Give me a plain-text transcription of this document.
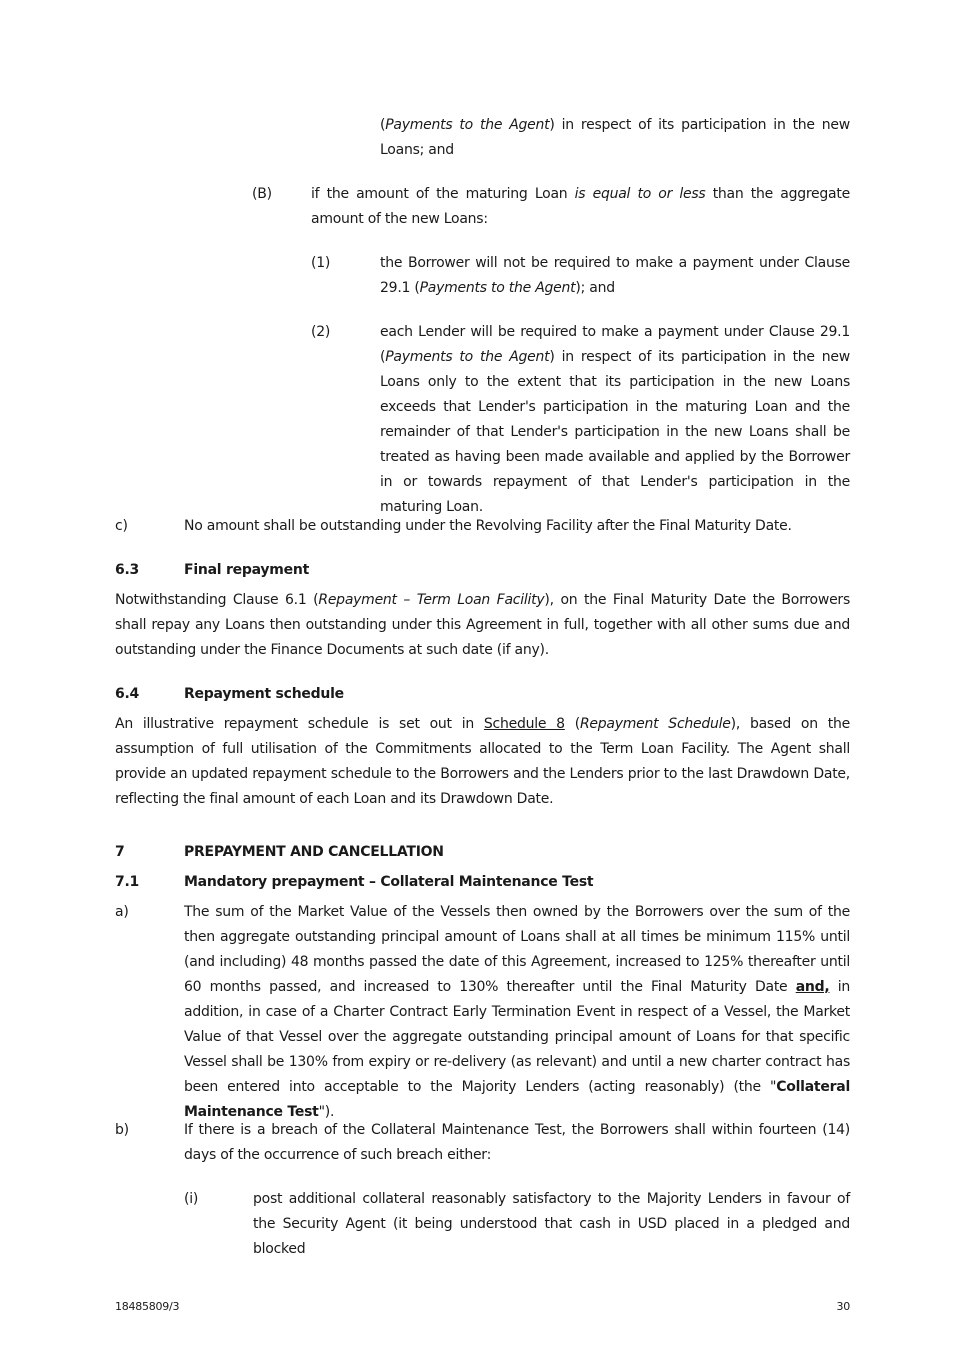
(Payments to the Agent) in respect of its participation in the new Loans; and

(B)	if the amount of the maturing Loan is equal to or less than the aggregate amount of the new Loans:

(1)	the Borrower will not be required to make a payment under Clause 29.1 (Payments to the Agent); and

(2)	each Lender will be required to make a payment under Clause 29.1 (Payments to the Agent) in respect of its participation in the new Loans only to the extent that its participation in the new Loans exceeds that Lender's participation in the maturing Loan and the remainder of that Lender's participation in the new Loans shall be treated as having been made available and applied by the Borrower in or towards repayment of that Lender's participation in the maturing Loan.

c)	No amount shall be outstanding under the Revolving Facility after the Final Maturity Date.

6.3	Final repayment

Notwithstanding Clause 6.1 (Repayment – Term Loan Facility), on the Final Maturity Date the Borrowers shall repay any Loans then outstanding under this Agreement in full, together with all other sums due and outstanding under the Finance Documents at such date (if any).

6.4	Repayment schedule

An illustrative repayment schedule is set out in Schedule 8 (Repayment Schedule), based on the assumption of full utilisation of the Commitments allocated to the Term Loan Facility. The Agent shall provide an updated repayment schedule to the Borrowers and the Lenders prior to the last Drawdown Date, reflecting the final amount of each Loan and its Drawdown Date.

7	PREPAYMENT AND CANCELLATION
7.1	Mandatory prepayment – Collateral Maintenance Test
a)	The sum of the Market Value of the Vessels then owned by the Borrowers over the sum of the then aggregate outstanding principal amount of Loans shall at all times be minimum 115% until (and including) 48 months passed the date of this Agreement, increased to 125% thereafter until 60 months passed, and increased to 130% thereafter until the Final Maturity Date and, in addition, in case of a Charter Contract Early Termination Event in respect of a Vessel, the Market Value of that Vessel over the aggregate outstanding principal amount of Loans for that specific Vessel shall be 130% from expiry or re-delivery (as relevant) and until a new charter contract has been entered into acceptable to the Majority Lenders (acting reasonably) (the "Collateral Maintenance Test").

b)	If there is a breach of the Collateral Maintenance Test, the Borrowers shall within fourteen (14) days of the occurrence of such breach either:

(i)	post additional collateral reasonably satisfactory to the Majority Lenders in favour of the Security Agent (it being understood that cash in USD placed in a pledged and blocked

18485809/3	30
